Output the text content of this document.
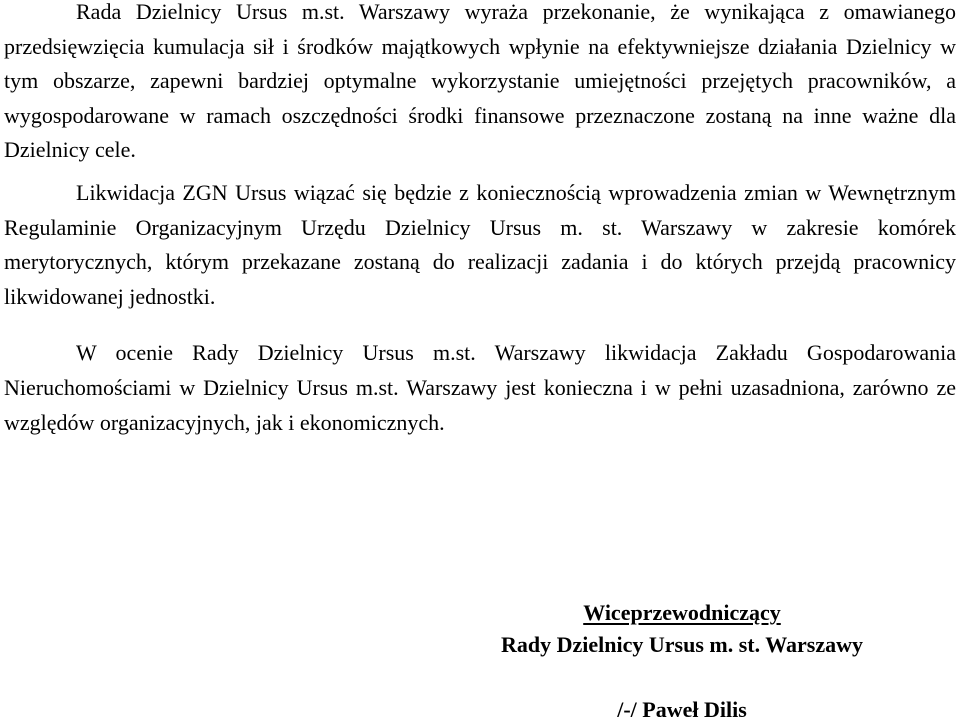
Rada Dzielnicy Ursus m.st. Warszawy wyraża przekonanie, że wynikająca z omawianego przedsięwzięcia kumulacja sił i środków majątkowych wpłynie na efektywniejsze działania Dzielnicy w tym obszarze, zapewni bardziej optymalne wykorzystanie umiejętności przejętych pracowników, a wygospodarowane w ramach oszczędności środki finansowe przeznaczone zostaną na inne ważne dla Dzielnicy cele.

Likwidacja ZGN Ursus wiązać się będzie z koniecznością wprowadzenia zmian w Wewnętrznym Regulaminie Organizacyjnym Urzędu Dzielnicy Ursus m. st. Warszawy w zakresie komórek merytorycznych, którym przekazane zostaną do realizacji zadania i do których przejdą pracownicy likwidowanej jednostki.

W ocenie Rady Dzielnicy Ursus m.st. Warszawy likwidacja Zakładu Gospodarowania Nieruchomościami w Dzielnicy Ursus m.st. Warszawy jest konieczna i w pełni uzasadniona, zarówno ze względów organizacyjnych, jak i ekonomicznych.

Wiceprzewodniczący
Rady Dzielnicy Ursus m. st. Warszawy
/-/ Paweł Dilis
